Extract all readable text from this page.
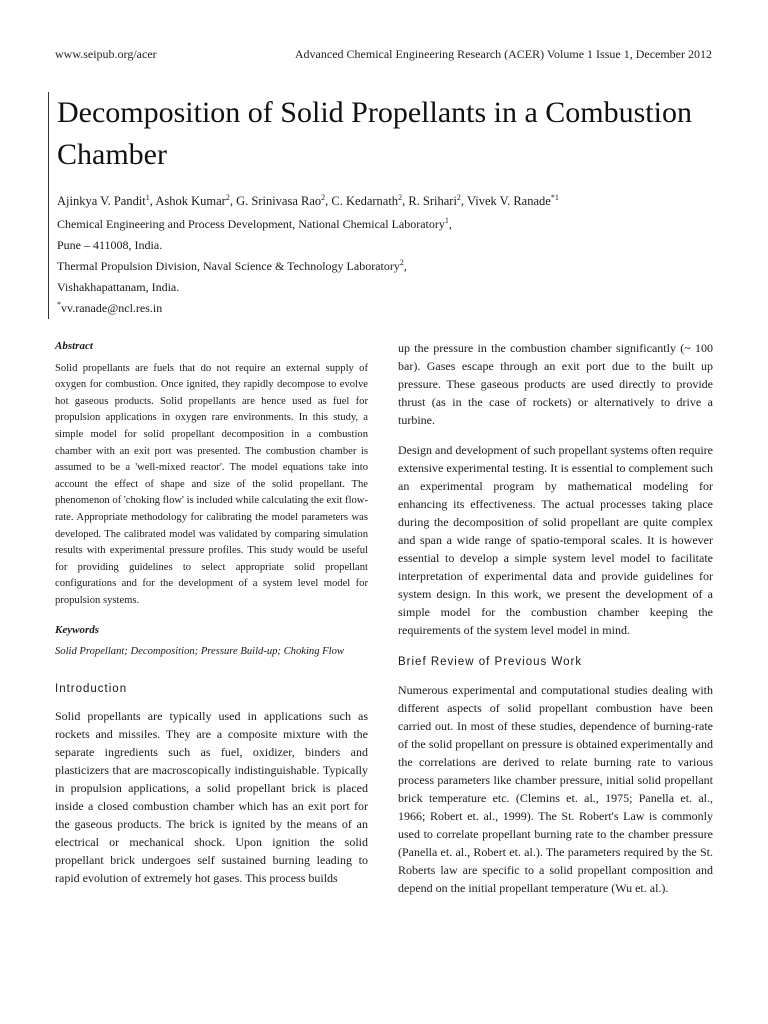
www.seipub.org/acer	Advanced Chemical Engineering Research (ACER) Volume 1 Issue 1, December 2012
Decomposition of Solid Propellants in a Combustion Chamber
Ajinkya V. Pandit$^1$, Ashok Kumar$^2$, G. Srinivasa Rao$^2$, C. Kedarnath$^2$, R. Srihari$^2$, Vivek V. Ranade$^{*1}$
Chemical Engineering and Process Development, National Chemical Laboratory$^1$,
Pune – 411008, India.
Thermal Propulsion Division, Naval Science & Technology Laboratory$^2$,
Vishakhapattanam, India.
*vv.ranade@ncl.res.in
Abstract

Solid propellants are fuels that do not require an external supply of oxygen for combustion. Once ignited, they rapidly decompose to evolve hot gaseous products. Solid propellants are hence used as fuel for propulsion applications in oxygen rare environments. In this study, a simple model for solid propellant decomposition in a combustion chamber with an exit port was presented. The combustion chamber is assumed to be a 'well-mixed reactor'. The model equations take into account the effect of shape and size of the solid propellant. The phenomenon of 'choking flow' is included while calculating the exit flow-rate. Appropriate methodology for calibrating the model parameters was developed. The calibrated model was validated by comparing simulation results with experimental pressure profiles. This study would be useful for providing guidelines to select appropriate solid propellant configurations and for the development of a system level model for propulsion systems.

Keywords

Solid Propellant; Decomposition; Pressure Build-up; Choking Flow

Introduction

Solid propellants are typically used in applications such as rockets and missiles. They are a composite mixture with the separate ingredients such as fuel, oxidizer, binders and plasticizers that are macroscopically indistinguishable. Typically in propulsion applications, a solid propellant brick is placed inside a closed combustion chamber which has an exit port for the gaseous products. The brick is ignited by the means of an electrical or mechanical shock. Upon ignition the solid propellant brick undergoes self sustained burning leading to rapid evolution of extremely hot gases. This process builds

up the pressure in the combustion chamber significantly (~ 100 bar). Gases escape through an exit port due to the built up pressure. These gaseous products are used directly to provide thrust (as in the case of rockets) or alternatively to drive a turbine.

Design and development of such propellant systems often require extensive experimental testing. It is essential to complement such an experimental program by mathematical modeling for enhancing its effectiveness. The actual processes taking place during the decomposition of solid propellant are quite complex and span a wide range of spatio-temporal scales. It is however essential to develop a simple system level model to facilitate interpretation of experimental data and provide guidelines for system design. In this work, we present the development of a simple model for the combustion chamber keeping the requirements of the system level model in mind.

Brief Review of Previous Work

Numerous experimental and computational studies dealing with different aspects of solid propellant combustion have been carried out. In most of these studies, dependence of burning-rate of the solid propellant on pressure is obtained experimentally and the correlations are derived to relate burning rate to various process parameters like chamber pressure, initial solid propellant brick temperature etc. (Clemins et. al., 1975; Panella et. al., 1966; Robert et. al., 1999). The St. Robert's Law is commonly used to correlate propellant burning rate to the chamber pressure (Panella et. al., Robert et. al.). The parameters required by the St. Roberts law are specific to a solid propellant composition and depend on the initial propellant temperature (Wu et. al.).
